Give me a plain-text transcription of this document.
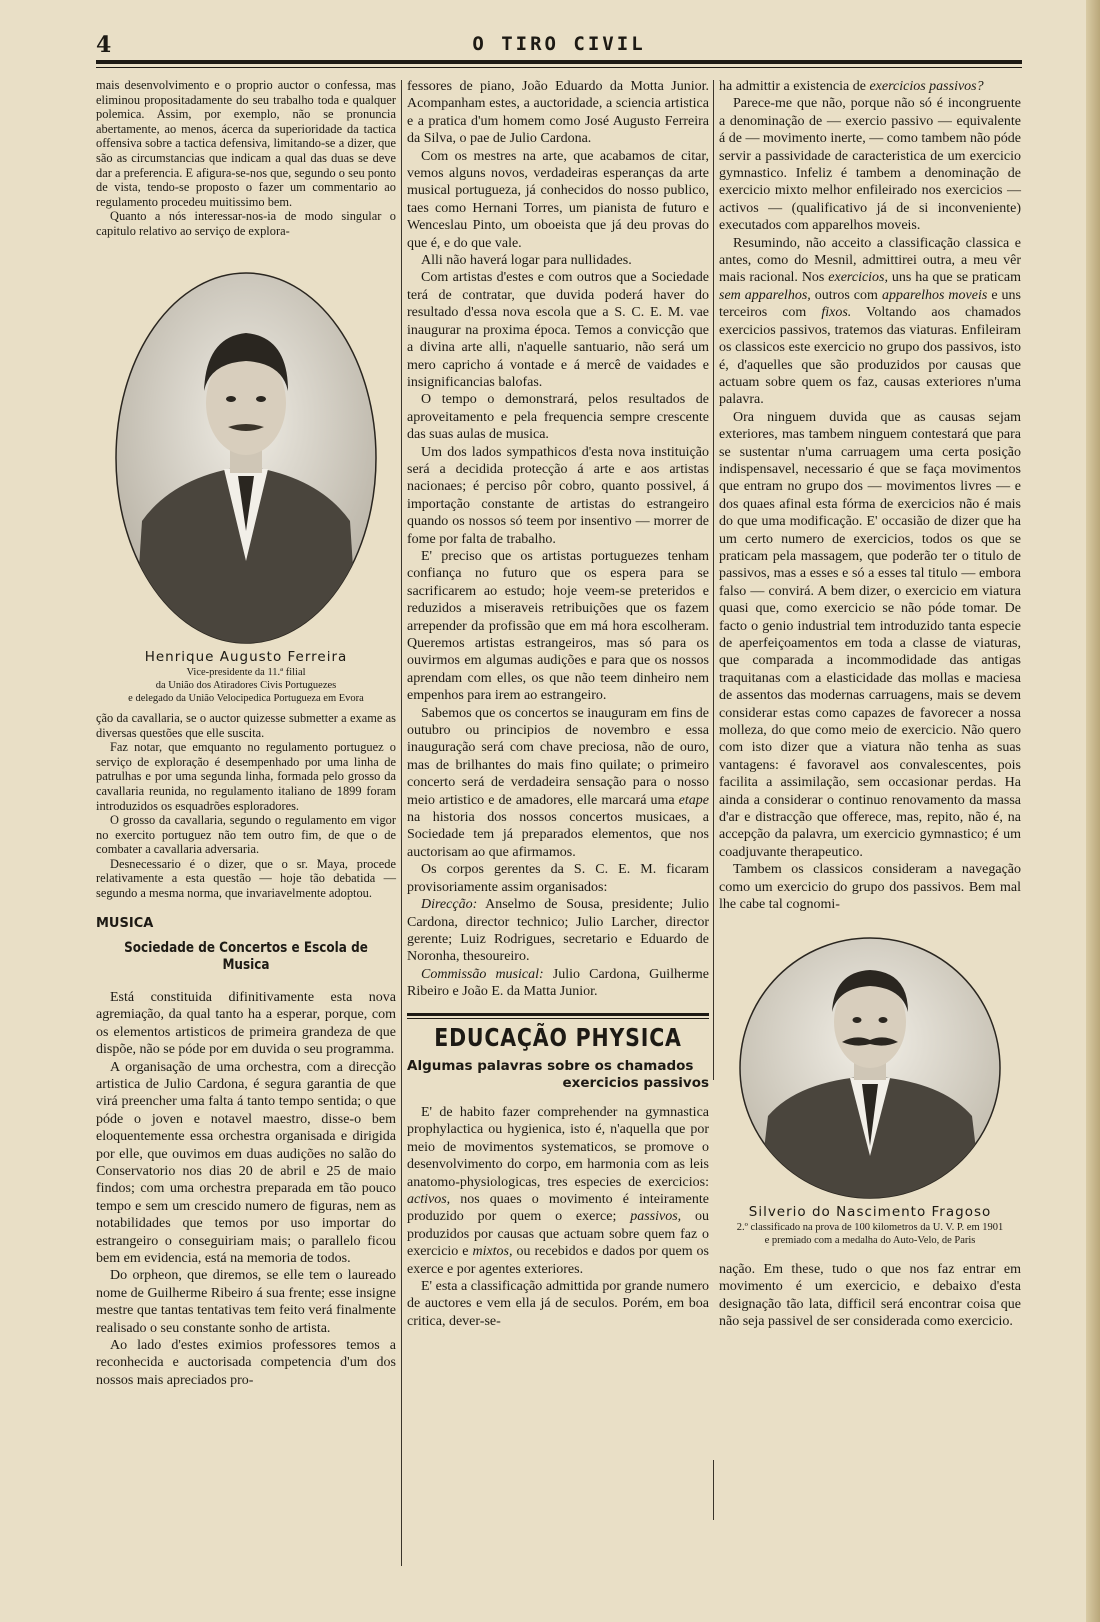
4	O TIRO CIVIL

mais desenvolvimento e o proprio auctor o confessa, mas eliminou propositadamente do seu trabalho toda e qualquer polemica. Assim, por exemplo, não se pronuncia abertamente, ao menos, ácerca da superioridade da tactica offensiva sobre a tactica defensiva, limitando-se a dizer, que são as circumstancias que indicam a qual das duas se deve dar a preferencia. E afigura-se-nos que, segundo o seu ponto de vista, tendo-se proposto o fazer um commentario ao regulamento procedeu muitissimo bem.

Quanto a nós interessar-nos-ia de modo singular o capitulo relativo ao serviço de explora-

Henrique Augusto Ferreira
Vice-presidente da 11.ª filial
da União dos Atiradores Civis Portuguezes
e delegado da União Velocipedica Portugueza em Evora

ção da cavallaria, se o auctor quizesse submetter a exame as diversas questões que elle suscita.

Faz notar, que emquanto no regulamento portuguez o serviço de exploração é desempenhado por uma linha de patrulhas e por uma segunda linha, formada pelo grosso da cavallaria reunida, no regulamento italiano de 1899 foram introduzidos os esquadrões esploradores.

O grosso da cavallaria, segundo o regulamento em vigor no exercito portuguez não tem outro fim, de que o de combater a cavallaria adversaria.

Desnecessario é o dizer, que o sr. Maya, procede relativamente a esta questão — hoje tão debatida — segundo a mesma norma, que invariavelmente adoptou.

MUSICA
Sociedade de Concertos e Escola de Musica

Está constituida difinitivamente esta nova agremiação, da qual tanto ha a esperar, porque, com os elementos artisticos de primeira grandeza de que dispõe, não se póde por em duvida o seu programma.

A organisação de uma orchestra, com a direcção artistica de Julio Cardona, é segura garantia de que virá preencher uma falta á tanto tempo sentida; o que póde o joven e notavel maestro, disse-o bem eloquentemente essa orchestra organisada e dirigida por elle, que ouvimos em duas audições no salão do Conservatorio nos dias 20 de abril e 25 de maio findos; com uma orchestra preparada em tão pouco tempo e sem um crescido numero de figuras, nem as notabilidades que temos por uso importar do estrangeiro o conseguiriam mais; o parallelo ficou bem em evidencia, está na memoria de todos.

Do orpheon, que diremos, se elle tem o laureado nome de Guilherme Ribeiro á sua frente; esse insigne mestre que tantas tentativas tem feito verá finalmente realisado o seu constante sonho de artista.

Ao lado d'estes eximios professores temos a reconhecida e auctorisada competencia d'um dos nossos mais apreciados pro-

fessores de piano, João Eduardo da Motta Junior. Acompanham estes, a auctoridade, a sciencia artistica e a pratica d'um homem como José Augusto Ferreira da Silva, o pae de Julio Cardona.

Com os mestres na arte, que acabamos de citar, vemos alguns novos, verdadeiras esperanças da arte musical portugueza, já conhecidos do nosso publico, taes como Hernani Torres, um pianista de futuro e Wenceslau Pinto, um oboeista que já deu provas do que é, e do que vale.

Alli não haverá logar para nullidades.

Com artistas d'estes e com outros que a Sociedade terá de contratar, que duvida poderá haver do resultado d'essa nova escola que a S. C. E. M. vae inaugurar na proxima época. Temos a convicção que a divina arte alli, n'aquelle santuario, não será um mero capricho á vontade e á mercê de vaidades e insignificancias balofas.

O tempo o demonstrará, pelos resultados de aproveitamento e pela frequencia sempre crescente das suas aulas de musica.

Um dos lados sympathicos d'esta nova instituição será a decidida protecção á arte e aos artistas nacionaes; é perciso pôr cobro, quanto possivel, á importação constante de artistas do estrangeiro quando os nossos só teem por insentivo — morrer de fome por falta de trabalho.

E' preciso que os artistas portuguezes tenham confiança no futuro que os espera para se sacrificarem ao estudo; hoje veem-se preteridos e reduzidos a miseraveis retribuições que os fazem arrepender da profissão que em má hora escolheram. Queremos artistas estrangeiros, mas só para os ouvirmos em algumas audições e para que os nossos aprendam com elles, os que não teem dinheiro nem empenhos para irem ao estrangeiro.

Sabemos que os concertos se inauguram em fins de outubro ou principios de novembro e essa inauguração será com chave preciosa, não de ouro, mas de brilhantes do mais fino quilate; o primeiro concerto será de verdadeira sensação para o nosso meio artistico e de amadores, elle marcará uma etape na historia dos nossos concertos musicaes, a Sociedade tem já preparados elementos, que nos auctorisam ao que afirmamos.

Os corpos gerentes da S. C. E. M. ficaram provisoriamente assim organisados:

Direcção: Anselmo de Sousa, presidente; Julio Cardona, director technico; Julio Larcher, director gerente; Luiz Rodrigues, secretario e Eduardo de Noronha, thesoureiro.

Commissão musical: Julio Cardona, Guilherme Ribeiro e João E. da Matta Junior.

EDUCAÇÃO PHYSICA
Algumas palavras sobre os chamados
exercicios passivos

E' de habito fazer comprehender na gymnastica prophylactica ou hygienica, isto é, n'aquella que por meio de movimentos systematicos, se promove o desenvolvimento do corpo, em harmonia com as leis anatomo-physiologicas, tres especies de exercicios: activos, nos quaes o movimento é inteiramente produzido por quem o exerce; passivos, ou produzidos por causas que actuam sobre quem faz o exercicio e mixtos, ou recebidos e dados por quem os exerce e por agentes exteriores.

E' esta a classificação admittida por grande numero de auctores e vem ella já de seculos. Porém, em boa critica, dever-se-

ha admittir a existencia de exercicios passivos?

Parece-me que não, porque não só é incongruente a denominação de — exercio passivo — equivalente á de — movimento inerte, — como tambem não póde servir a passividade de caracteristica de um exercicio gymnastico. Infeliz é tambem a denominação de exercicio mixto melhor enfileirado nos exercicios — activos — (qualificativo já de si inconveniente) executados com apparelhos moveis.

Resumindo, não acceito a classificação classica e antes, como do Mesnil, admittirei outra, a meu vêr mais racional. Nos exercicios, uns ha que se praticam sem apparelhos, outros com apparelhos moveis e uns terceiros com fixos. Voltando aos chamados exercicios passivos, tratemos das viaturas. Enfileiram os classicos este exercicio no grupo dos passivos, isto é, d'aquelles que são produzidos por causas que actuam sobre quem os faz, causas exteriores n'uma palavra.

Ora ninguem duvida que as causas sejam exteriores, mas tambem ninguem contestará que para se sustentar n'uma carruagem uma certa posição indispensavel, necessario é que se faça movimentos que entram no grupo dos — movimentos livres — e dos quaes afinal esta fórma de exercicios não é mais do que uma modificação. E' occasião de dizer que ha um certo numero de exercicios, todos os que se praticam pela massagem, que poderão ter o titulo de passivos, mas a esses e só a esses tal titulo — embora falso — convirá. A bem dizer, o exercicio em viatura quasi que, como exercicio se não póde tomar. De facto o genio industrial tem introduzido tanta especie de aperfeiçoamentos em toda a classe de viaturas, que comparada a incommodidade das antigas traquitanas com a elasticidade das mollas e maciesa de assentos das modernas carruagens, mais se devem considerar estas como capazes de favorecer a nossa molleza, do que como meio de exercicio. Não quero com isto dizer que a viatura não tenha as suas vantagens: é favoravel aos convalescentes, pois facilita a assimilação, sem occasionar perdas. Ha ainda a considerar o continuo renovamento da massa d'ar e distracção que offerece, mas, repito, não é, na accepção da palavra, um exercicio gymnastico; é um coadjuvante therapeutico.

Tambem os classicos consideram a navegação como um exercicio do grupo dos passivos. Bem mal lhe cabe tal cognomi-

Silverio do Nascimento Fragoso
2.º classificado na prova de 100 kilometros da U. V. P. em 1901
e premiado com a medalha do Auto-Velo, de Paris

nação. Em these, tudo o que nos faz entrar em movimento é um exercicio, e debaixo d'esta designação tão lata, difficil será encontrar coisa que não seja passivel de ser considerada como exercicio.
